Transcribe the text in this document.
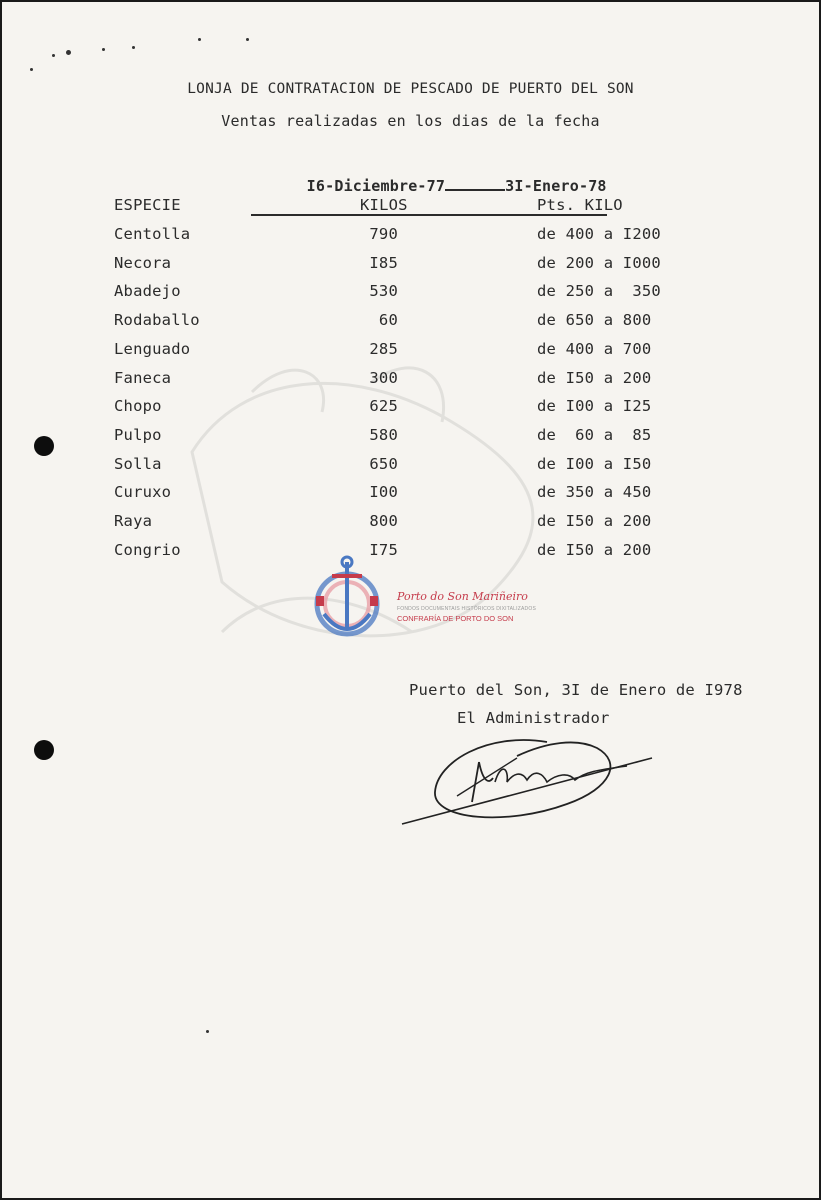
LONJA DE CONTRATACION DE PESCADO DE PUERTO DEL SON
Ventas realizadas en los dias de la fecha

I6-Diciembre-77	3I-Enero-78

ESPECIE	KILOS	Pts. KILO
Centolla	790	de 400 a I200
Necora	I85	de 200 a I000
Abadejo	530	de 250 a  350
Rodaballo	60	de 650 a 800
Lenguado	285	de 400 a 700
Faneca	300	de I50 a 200
Chopo	625	de I00 a I25
Pulpo	580	de  60 a  85
Solla	650	de I00 a I50
Curuxo	I00	de 350 a 450
Raya	800	de I50 a 200
Congrio	I75	de I50 a 200
Porto do Son Mariñeiro
FONDOS DOCUMENTAIS HISTÓRICOS DIXITALIZADOS
CONFRARÍA DE PORTO DO SON
Puerto del Son, 3I de Enero de I978
El Administrador
